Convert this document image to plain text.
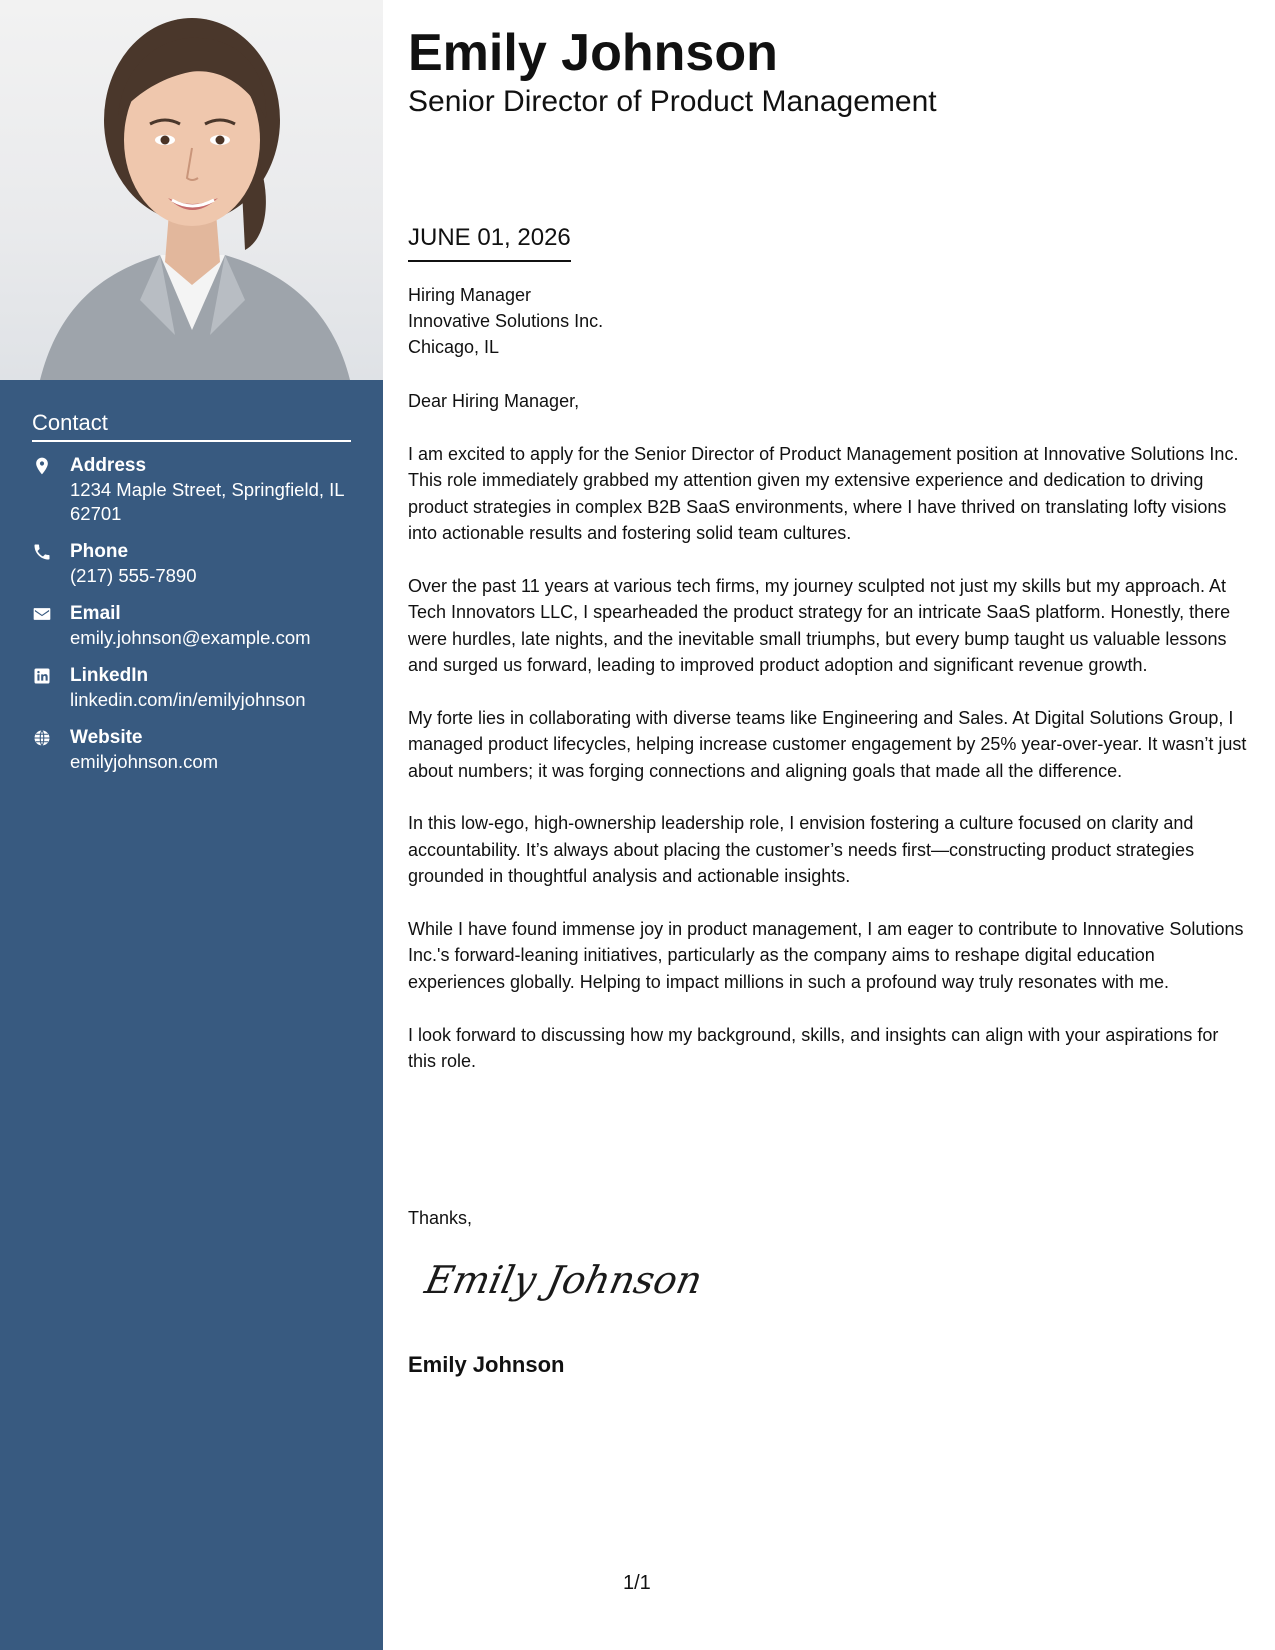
Contact
Address
1234 Maple Street, Springfield, IL 62701
Phone
(217) 555-7890
Email
emily.johnson@example.com
LinkedIn
linkedin.com/in/emilyjohnson
Website
emilyjohnson.com
Emily Johnson
Senior Director of Product Management
JUNE 01, 2026
Hiring Manager
Innovative Solutions Inc.
Chicago, IL

Dear Hiring Manager,

I am excited to apply for the Senior Director of Product Management position at Innovative Solutions Inc. This role immediately grabbed my attention given my extensive experience and dedication to driving product strategies in complex B2B SaaS environments, where I have thrived on translating lofty visions into actionable results and fostering solid team cultures.

Over the past 11 years at various tech firms, my journey sculpted not just my skills but my approach. At Tech Innovators LLC, I spearheaded the product strategy for an intricate SaaS platform. Honestly, there were hurdles, late nights, and the inevitable small triumphs, but every bump taught us valuable lessons and surged us forward, leading to improved product adoption and significant revenue growth.

My forte lies in collaborating with diverse teams like Engineering and Sales. At Digital Solutions Group, I managed product lifecycles, helping increase customer engagement by 25% year-over-year. It wasn’t just about numbers; it was forging connections and aligning goals that made all the difference.

In this low-ego, high-ownership leadership role, I envision fostering a culture focused on clarity and accountability. It’s always about placing the customer’s needs first—constructing product strategies grounded in thoughtful analysis and actionable insights.

While I have found immense joy in product management, I am eager to contribute to Innovative Solutions Inc.'s forward-leaning initiatives, particularly as the company aims to reshape digital education experiences globally. Helping to impact millions in such a profound way truly resonates with me.

I look forward to discussing how my background, skills, and insights can align with your aspirations for this role.

Thanks,
Emily Johnson
Emily Johnson
1/1
